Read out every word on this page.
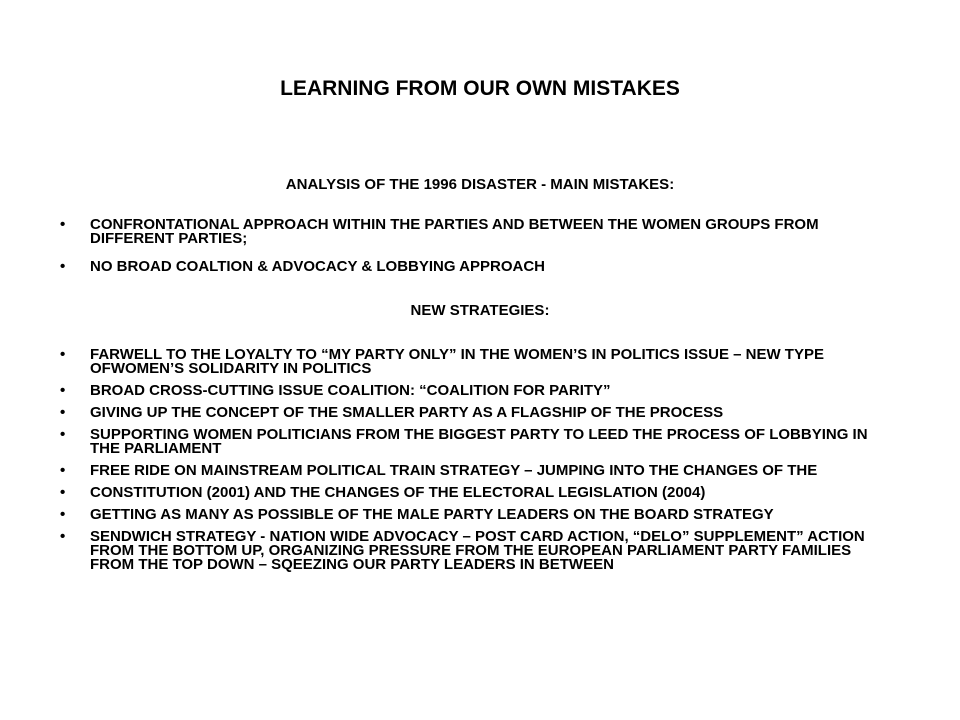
LEARNING FROM OUR OWN MISTAKES
ANALYSIS OF THE 1996 DISASTER - MAIN MISTAKES:
• CONFRONTATIONAL APPROACH WITHIN THE PARTIES AND BETWEEN THE WOMEN GROUPS FROM DIFFERENT PARTIES;
• NO BROAD COALTION & ADVOCACY & LOBBYING APPROACH
NEW STRATEGIES:
• FARWELL TO THE LOYALTY TO “MY PARTY ONLY” IN THE WOMEN’S IN POLITICS ISSUE – NEW TYPE OFWOMEN’S SOLIDARITY IN POLITICS
• BROAD CROSS-CUTTING ISSUE COALITION: “COALITION FOR PARITY”
• GIVING UP THE CONCEPT OF THE SMALLER PARTY AS A FLAGSHIP OF THE PROCESS
• SUPPORTING WOMEN POLITICIANS FROM THE BIGGEST PARTY TO LEED THE PROCESS OF LOBBYING IN THE PARLIAMENT
• FREE RIDE ON MAINSTREAM POLITICAL TRAIN STRATEGY – JUMPING INTO THE CHANGES OF THE
• CONSTITUTION (2001) AND THE CHANGES OF THE ELECTORAL LEGISLATION (2004)
• GETTING AS MANY AS POSSIBLE OF THE MALE PARTY LEADERS ON THE BOARD STRATEGY
• SENDWICH STRATEGY - NATION WIDE ADVOCACY – POST CARD ACTION, “DELO” SUPPLEMENT” ACTION FROM THE BOTTOM UP, ORGANIZING PRESSURE FROM THE EUROPEAN PARLIAMENT PARTY FAMILIES FROM THE TOP DOWN – SQEEZING OUR PARTY LEADERS IN BETWEEN
